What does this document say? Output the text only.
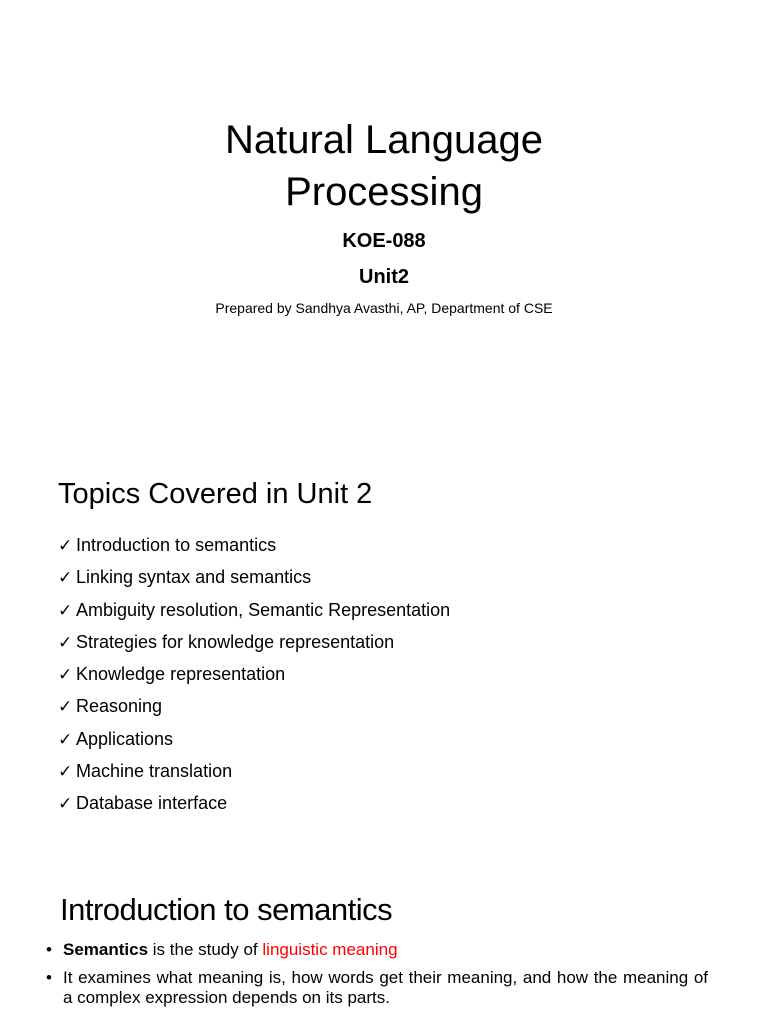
Natural Language
Processing
KOE-088
Unit2
Prepared by Sandhya Avasthi, AP, Department of CSE
Topics Covered in Unit 2
✓ Introduction to semantics
✓ Linking syntax and semantics
✓ Ambiguity resolution, Semantic Representation
✓ Strategies for knowledge representation
✓ Knowledge representation
✓ Reasoning
✓ Applications
✓ Machine translation
✓ Database interface
Introduction to semantics
• Semantics is the study of linguistic meaning
• It examines what meaning is, how words get their meaning, and how the meaning of a complex expression depends on its parts.
